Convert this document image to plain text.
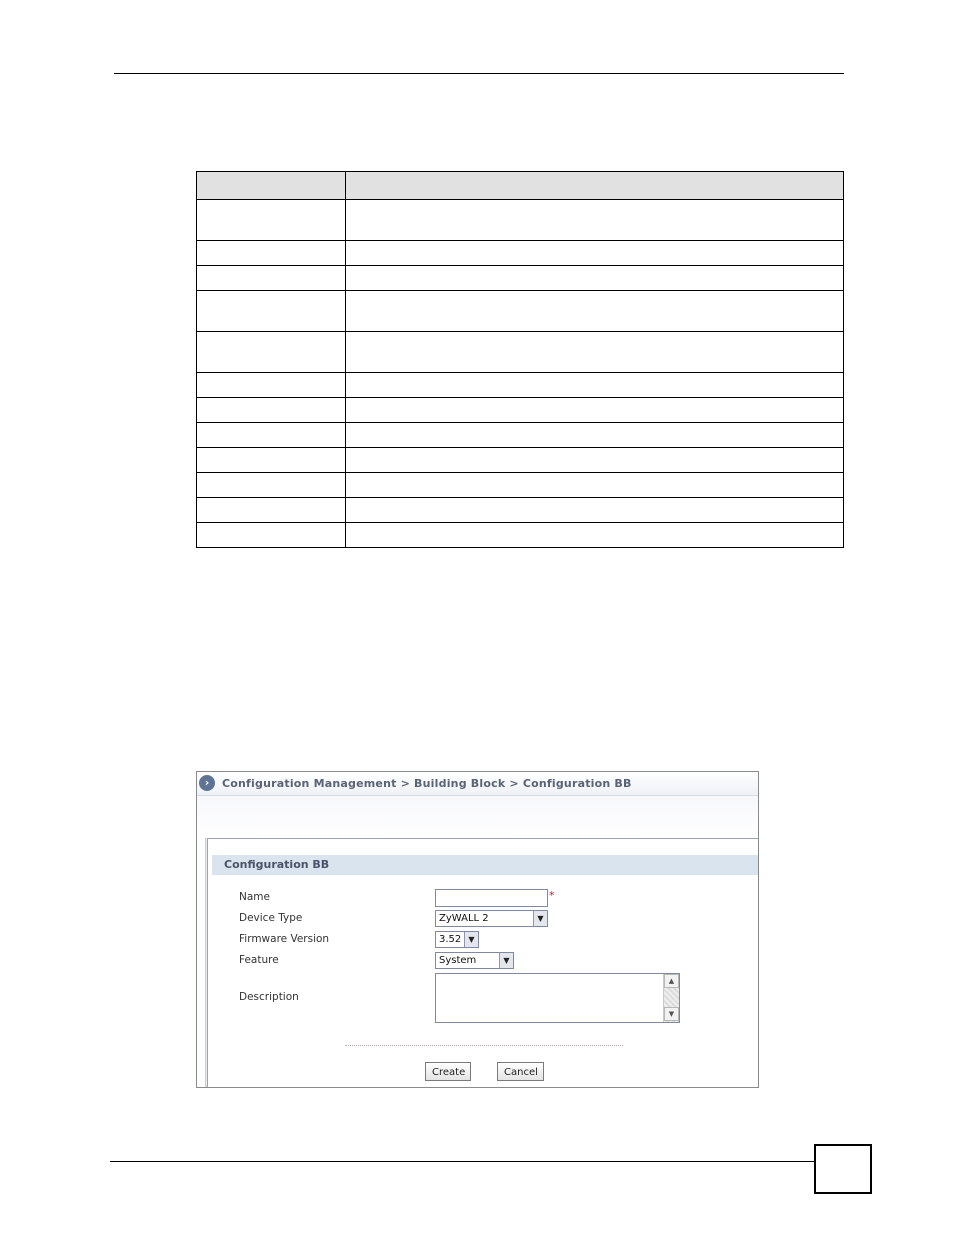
›	Configuration Management > Building Block > Configuration BB
Configuration BB
Name	*
Device Type	ZyWALL 2	▼
Firmware Version	3.52 ▼
Feature	System	▼
Description
▲
▼
Create	Cancel
